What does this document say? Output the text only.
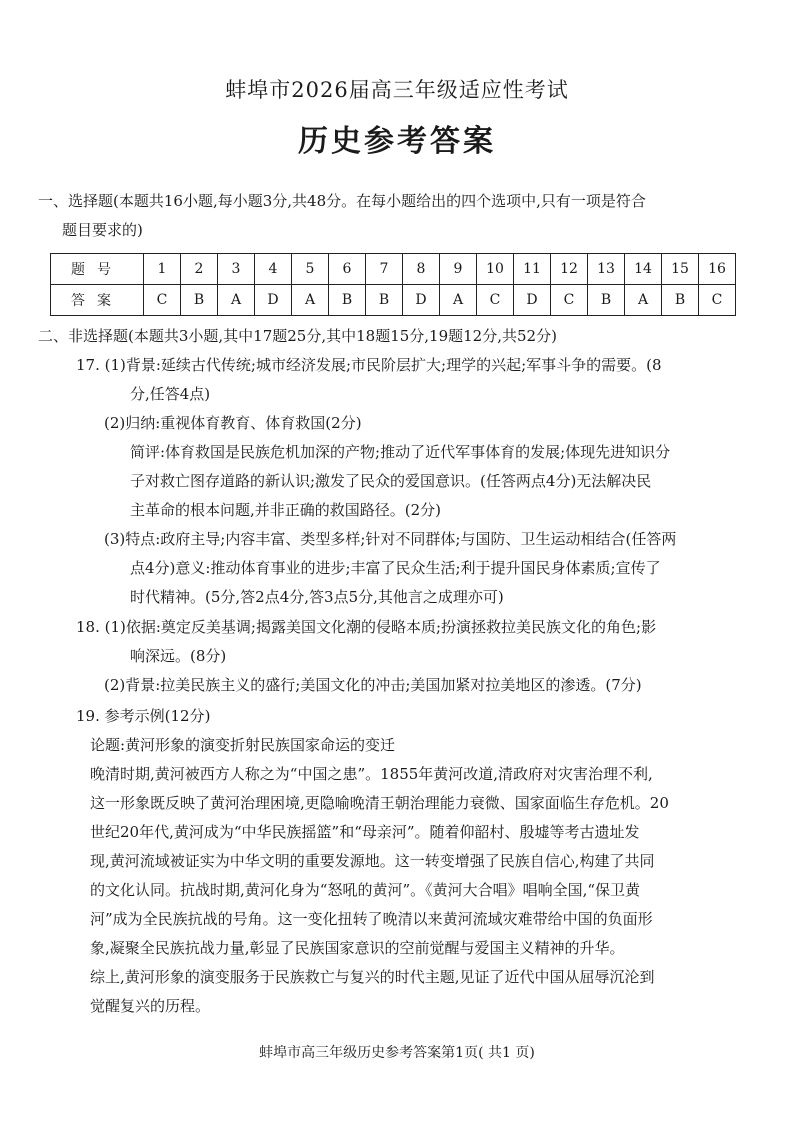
蚌埠市2026届高三年级适应性考试
历史参考答案
一、选择题(本题共16小题,每小题3分,共48分。在每小题给出的四个选项中,只有一项是符合
题目要求的)
题号	1	2	3	4	5	6	7	8	9	10	11	12	13	14	15	16
答案	C	B	A	D	A	B	B	D	A	C	D	C	B	A	B	C
二、非选择题(本题共3小题,其中17题25分,其中18题15分,19题12分,共52分)
17. (1)背景:延续古代传统;城市经济发展;市民阶层扩大;理学的兴起;军事斗争的需要。(8
分,任答4点)
(2)归纳:重视体育教育、体育救国(2分)
简评:体育救国是民族危机加深的产物;推动了近代军事体育的发展;体现先进知识分
子对救亡图存道路的新认识;激发了民众的爱国意识。(任答两点4分)无法解决民
主革命的根本问题,并非正确的救国路径。(2分)
(3)特点:政府主导;内容丰富、类型多样;针对不同群体;与国防、卫生运动相结合(任答两
点4分)意义:推动体育事业的进步;丰富了民众生活;利于提升国民身体素质;宣传了
时代精神。(5分,答2点4分,答3点5分,其他言之成理亦可)
18. (1)依据:奠定反美基调;揭露美国文化潮的侵略本质;扮演拯救拉美民族文化的角色;影
响深远。(8分)
(2)背景:拉美民族主义的盛行;美国文化的冲击;美国加紧对拉美地区的渗透。(7分)
19. 参考示例(12分)
论题:黄河形象的演变折射民族国家命运的变迁
晚清时期,黄河被西方人称之为“中国之患”。1855年黄河改道,清政府对灾害治理不利,
这一形象既反映了黄河治理困境,更隐喻晚清王朝治理能力衰微、国家面临生存危机。20
世纪20年代,黄河成为“中华民族摇篮”和“母亲河”。随着仰韶村、殷墟等考古遗址发
现,黄河流域被证实为中华文明的重要发源地。这一转变增强了民族自信心,构建了共同
的文化认同。抗战时期,黄河化身为“怒吼的黄河”。《黄河大合唱》唱响全国,“保卫黄
河”成为全民族抗战的号角。这一变化扭转了晚清以来黄河流域灾难带给中国的负面形
象,凝聚全民族抗战力量,彰显了民族国家意识的空前觉醒与爱国主义精神的升华。
综上,黄河形象的演变服务于民族救亡与复兴的时代主题,见证了近代中国从屈辱沉沦到
觉醒复兴的历程。
蚌埠市高三年级历史参考答案第1页( 共1 页)
